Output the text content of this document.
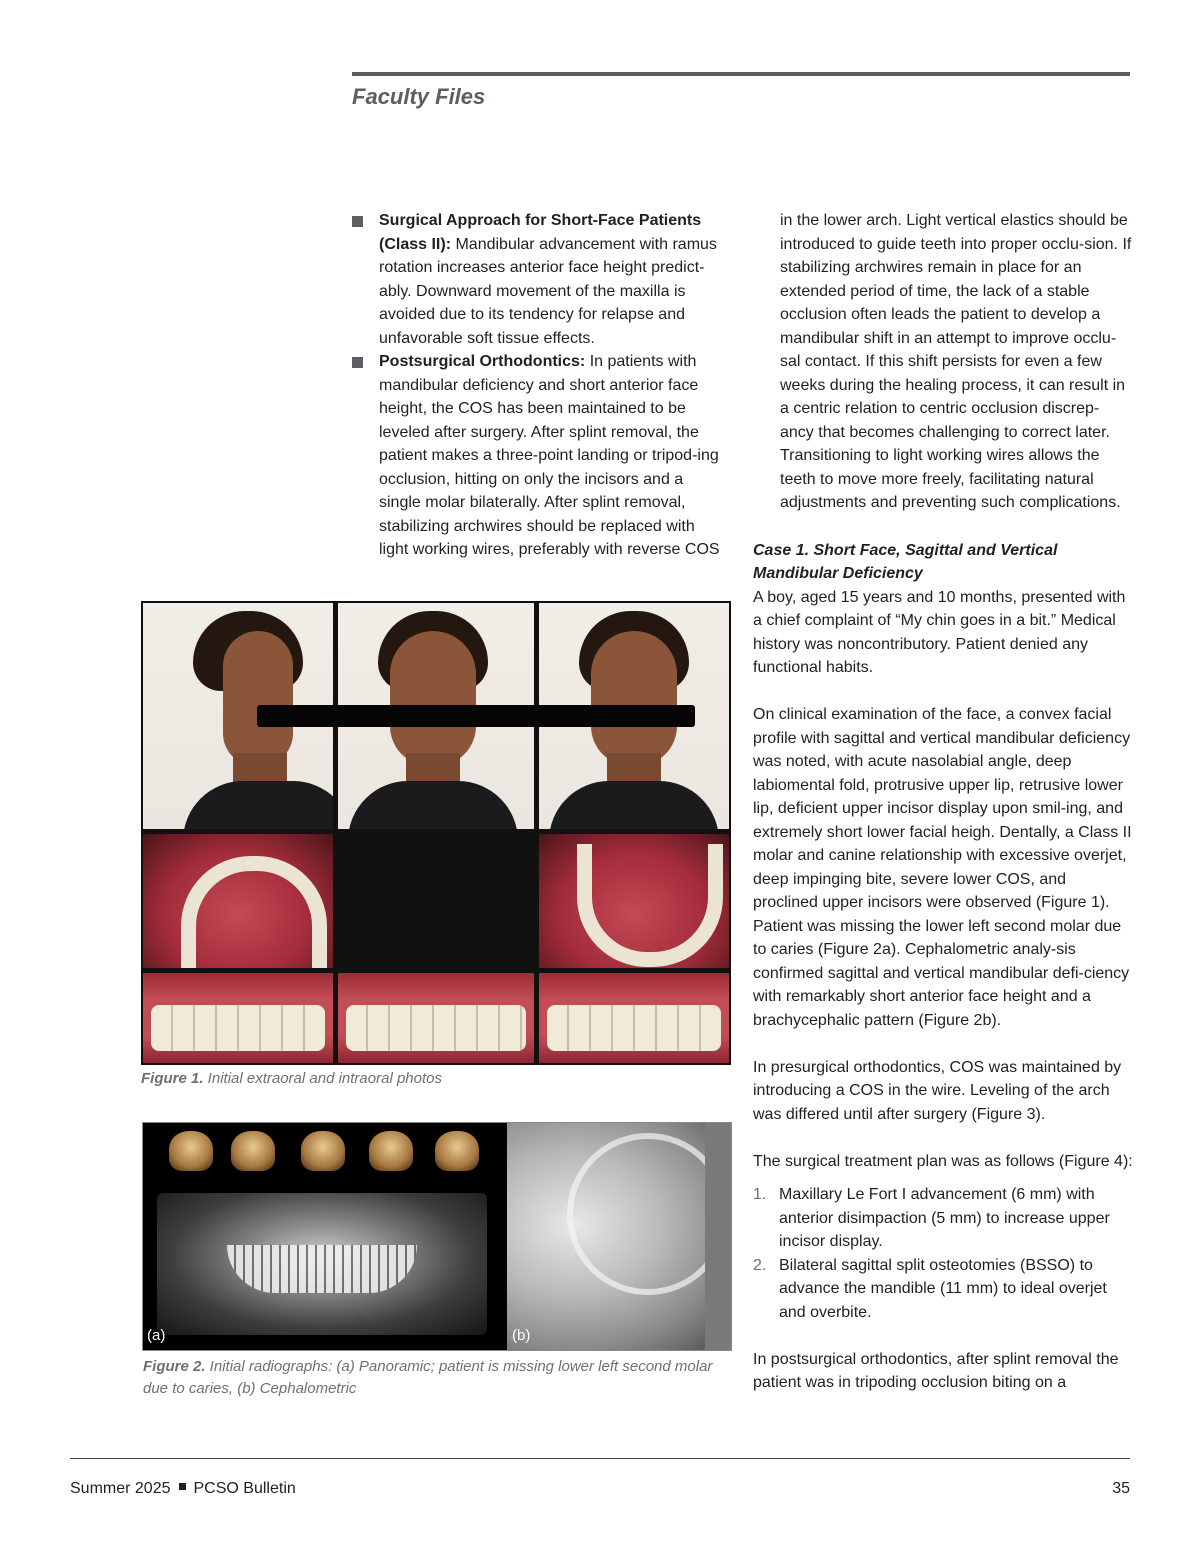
Faculty Files
Surgical Approach for Short-Face Patients (Class II): Mandibular advancement with ramus rotation increases anterior face height predict-ably. Downward movement of the maxilla is avoided due to its tendency for relapse and unfavorable soft tissue effects.
Postsurgical Orthodontics: In patients with mandibular deficiency and short anterior face height, the COS has been maintained to be leveled after surgery. After splint removal, the patient makes a three-point landing or tripod-ing occlusion, hitting on only the incisors and a single molar bilaterally. After splint removal, stabilizing archwires should be replaced with light working wires, preferably with reverse COS

in the lower arch. Light vertical elastics should be introduced to guide teeth into proper occlu-sion. If stabilizing archwires remain in place for an extended period of time, the lack of a stable occlusion often leads the patient to develop a mandibular shift in an attempt to improve occlu-sal contact. If this shift persists for even a few weeks during the healing process, it can result in a centric relation to centric occlusion discrep-ancy that becomes challenging to correct later. Transitioning to light working wires allows the teeth to move more freely, facilitating natural adjustments and preventing such complications.

Case 1. Short Face, Sagittal and Vertical Mandibular Deficiency

A boy, aged 15 years and 10 months, presented with a chief complaint of “My chin goes in a bit.” Medical history was noncontributory. Patient denied any functional habits.

On clinical examination of the face, a convex facial profile with sagittal and vertical mandibular deficiency was noted, with acute nasolabial angle, deep labiomental fold, protrusive upper lip, retrusive lower lip, deficient upper incisor display upon smil-ing, and extremely short lower facial heigh. Dentally, a Class II molar and canine relationship with excessive overjet, deep impinging bite, severe lower COS, and proclined upper incisors were observed (Figure 1). Patient was missing the lower left second molar due to caries (Figure 2a). Cephalometric analy-sis confirmed sagittal and vertical mandibular defi-ciency with remarkably short anterior face height and a brachycephalic pattern (Figure 2b).

In presurgical orthodontics, COS was maintained by introducing a COS in the wire. Leveling of the arch was differed until after surgery (Figure 3).

The surgical treatment plan was as follows (Figure 4):

1. Maxillary Le Fort I advancement (6 mm) with anterior disimpaction (5 mm) to increase upper incisor display.
2. Bilateral sagittal split osteotomies (BSSO) to advance the mandible (11 mm) to ideal overjet and overbite.

In postsurgical orthodontics, after splint removal the patient was in tripoding occlusion biting on a

Figure 1. Initial extraoral and intraoral photos

(a)	(b)

Figure 2. Initial radiographs: (a) Panoramic; patient is missing lower left second molar due to caries, (b) Cephalometric

Summer 2025 PCSO Bulletin	35
